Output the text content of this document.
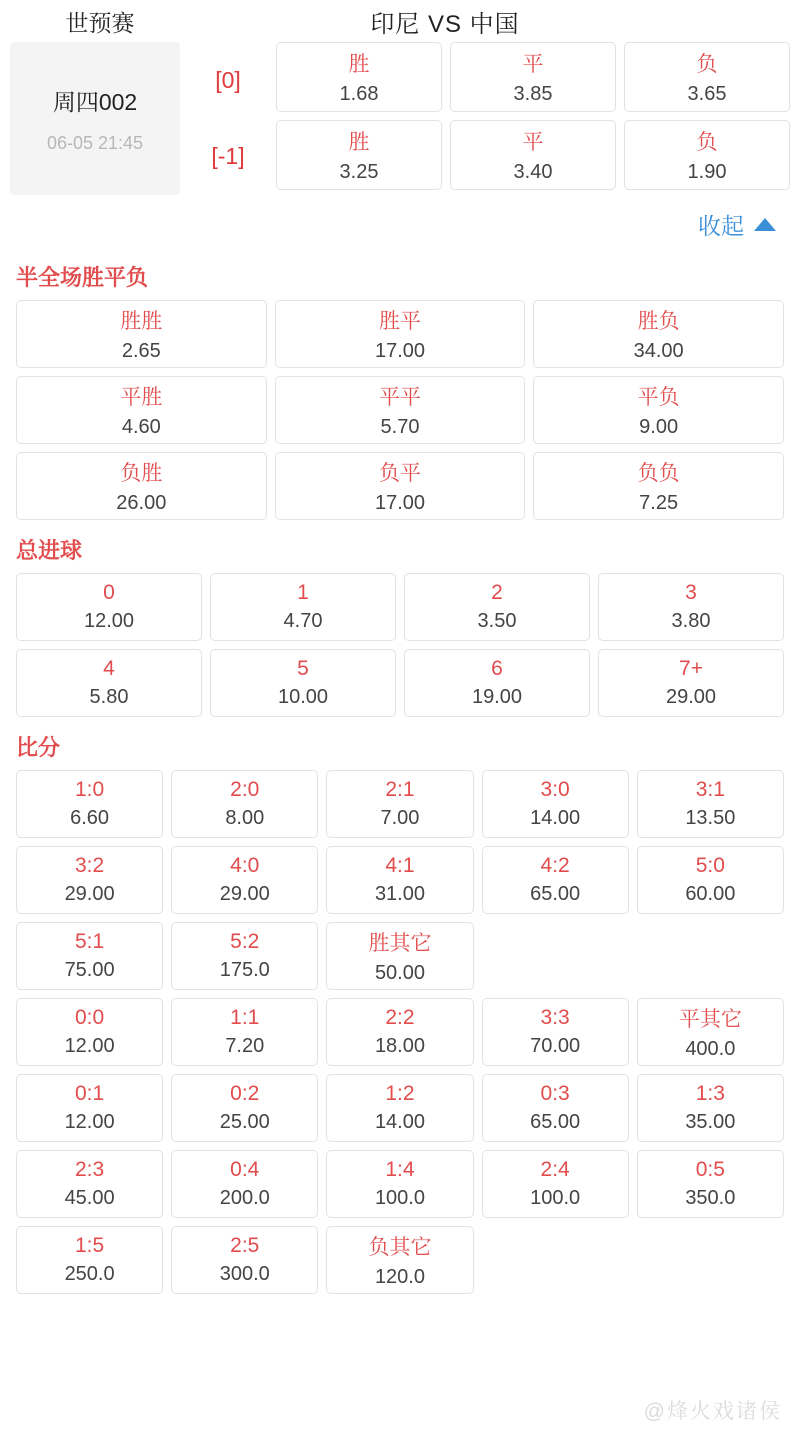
世预赛	印尼 VS 中国
周四002
06-05 21:45
[0]
[-1]
胜
1.68
平
3.85
负
3.65
胜
3.25
平
3.40
负
1.90
收起
半全场胜平负
胜胜
2.65
胜平
17.00
胜负
34.00
平胜
4.60
平平
5.70
平负
9.00
负胜
26.00
负平
17.00
负负
7.25
总进球
0
12.00
1
4.70
2
3.50
3
3.80
4
5.80
5
10.00
6
19.00
7+
29.00
比分
1:0
6.60
2:0
8.00
2:1
7.00
3:0
14.00
3:1
13.50
3:2
29.00
4:0
29.00
4:1
31.00
4:2
65.00
5:0
60.00
5:1
75.00
5:2
175.0
胜其它
50.00
0:0
12.00
1:1
7.20
2:2
18.00
3:3
70.00
平其它
400.0
0:1
12.00
0:2
25.00
1:2
14.00
0:3
65.00
1:3
35.00
2:3
45.00
0:4
200.0
1:4
100.0
2:4
100.0
0:5
350.0
1:5
250.0
2:5
300.0
负其它
120.0
@烽火戏诸侯
